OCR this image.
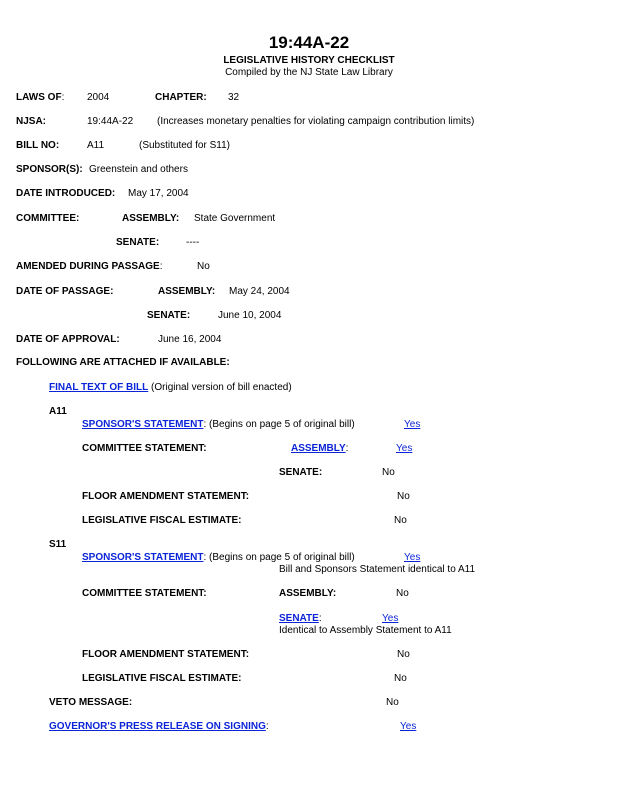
19:44A-22
LEGISLATIVE HISTORY CHECKLIST
Compiled by the NJ State Law Library
LAWS OF: 2004	CHAPTER: 32
NJSA:	19:44A-22 (Increases monetary penalties for violating campaign contribution limits)
BILL NO:	A11	(Substituted for S11)
SPONSOR(S): Greenstein and others
DATE INTRODUCED: May 17, 2004
COMMITTEE:	ASSEMBLY: State Government
SENATE:	----
AMENDED DURING PASSAGE:	No
DATE OF PASSAGE:	ASSEMBLY: May 24, 2004
SENATE:	June 10, 2004
DATE OF APPROVAL:	June 16, 2004
FOLLOWING ARE ATTACHED IF AVAILABLE:
FINAL TEXT OF BILL (Original version of bill enacted)
A11
SPONSOR'S STATEMENT: (Begins on page 5 of original bill)	Yes
COMMITTEE STATEMENT:	ASSEMBLY:	Yes
SENATE:	No
FLOOR AMENDMENT STATEMENT:	No
LEGISLATIVE FISCAL ESTIMATE:	No
S11
SPONSOR'S STATEMENT: (Begins on page 5 of original bill)	Yes
Bill and Sponsors Statement identical to A11
COMMITTEE STATEMENT:	ASSEMBLY:	No
SENATE:	Yes
Identical to Assembly Statement to A11
FLOOR AMENDMENT STATEMENT:	No
LEGISLATIVE FISCAL ESTIMATE:	No
VETO MESSAGE:	No
GOVERNOR'S PRESS RELEASE ON SIGNING:	Yes
